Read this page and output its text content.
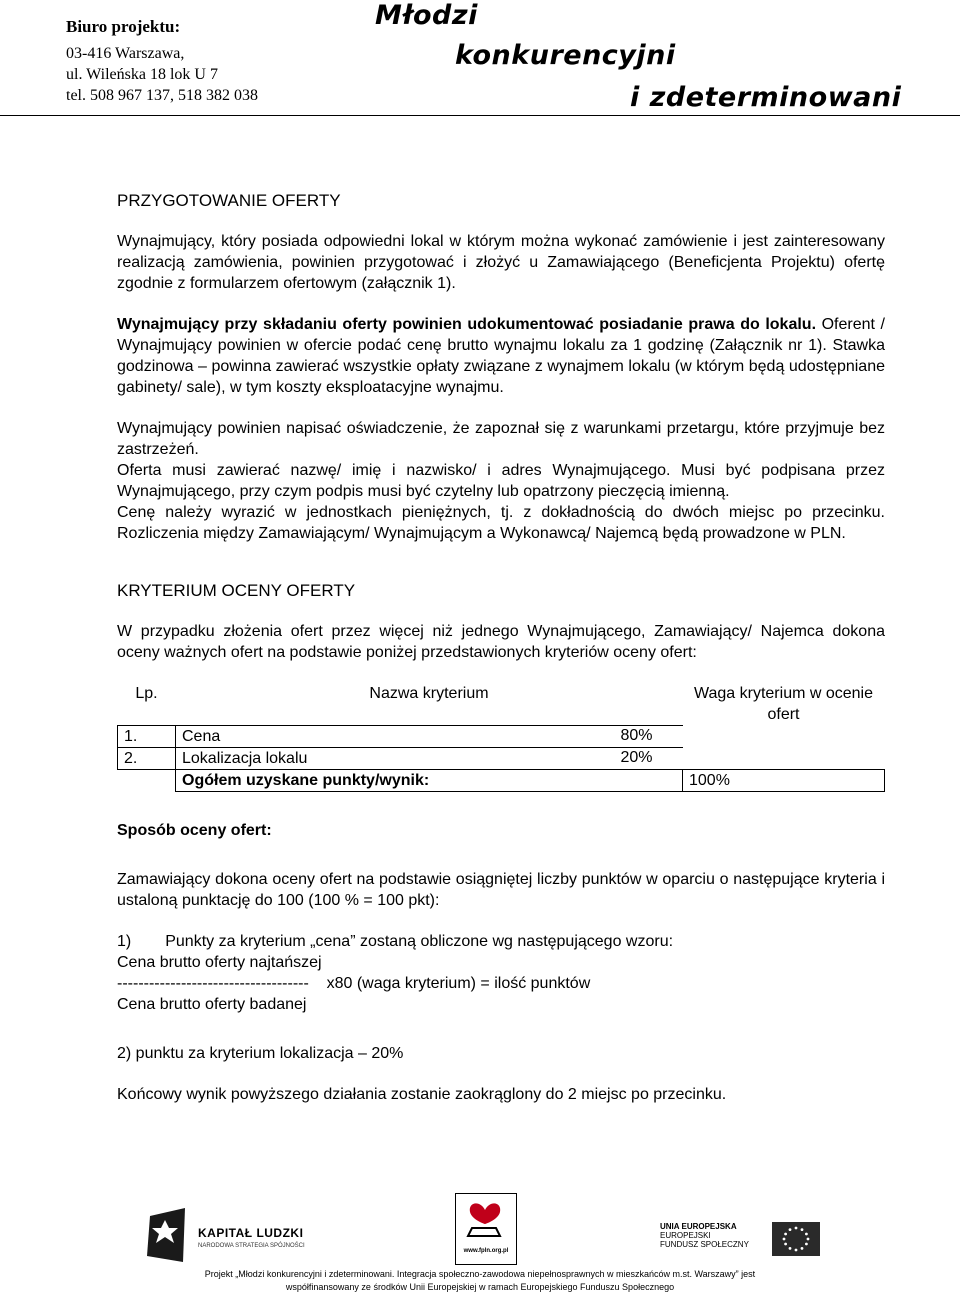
Biuro projektu:
03-416 Warszawa,
ul. Wileńska 18 lok U 7
tel. 508 967 137, 518 382 038
Młodzi
konkurencyjni
i zdeterminowani

PRZYGOTOWANIE OFERTY

Wynajmujący, który posiada odpowiedni lokal w którym można wykonać zamówienie i jest zainteresowany realizacją zamówienia, powinien przygotować i złożyć u Zamawiającego (Beneficjenta Projektu) ofertę zgodnie z formularzem ofertowym (załącznik 1).

Wynajmujący przy składaniu oferty powinien udokumentować posiadanie prawa do lokalu. Oferent / Wynajmujący powinien w ofercie podać cenę brutto wynajmu lokalu za 1 godzinę (Załącznik nr 1). Stawka godzinowa – powinna zawierać wszystkie opłaty związane z wynajmem lokalu (w którym będą udostępniane gabinety/ sale), w tym koszty eksploatacyjne wynajmu.

Wynajmujący powinien napisać oświadczenie, że zapoznał się z warunkami przetargu, które przyjmuje bez zastrzeżeń.

Oferta musi zawierać nazwę/ imię i nazwisko/ i adres Wynajmującego. Musi być podpisana przez Wynajmującego, przy czym podpis musi być czytelny lub opatrzony pieczęcią imienną.

Cenę należy wyrazić w jednostkach pieniężnych, tj. z dokładnością do dwóch miejsc po przecinku. Rozliczenia między Zamawiającym/ Wynajmującym a Wykonawcą/ Najemcą będą prowadzone w PLN.

KRYTERIUM OCENY OFERTY

W przypadku złożenia ofert przez więcej niż jednego Wynajmującego, Zamawiający/ Najemca dokona oceny ważnych ofert na podstawie poniżej przedstawionych kryteriów oceny ofert:

Lp.	Nazwa kryterium	Waga kryterium w ocenie ofert
1.	Cena	80%
2.	Lokalizacja lokalu	20%
	Ogółem uzyskane punkty/wynik:	100%

Sposób oceny ofert:

Zamawiający dokona oceny ofert na podstawie osiągniętej liczby punktów w oparciu o następujące kryteria i ustaloną punktację do 100 (100 % = 100 pkt):

1) Punkty za kryterium „cena” zostaną obliczone wg następującego wzoru:

Cena brutto oferty najtańszej

------------------------------------ x80 (waga kryterium) = ilość punktów

Cena brutto oferty badanej

2) punktu za kryterium lokalizacja – 20%

Końcowy wynik powyższego działania zostanie zaokrąglony do 2 miejsc po przecinku.

KAPITAŁ LUDZKI
NARODOWA STRATEGIA SPÓJNOŚCI
www.fpln.org.pl
UNIA EUROPEJSKA
EUROPEJSKI
FUNDUSZ SPOŁECZNY
Projekt „Młodzi konkurencyjni i zdeterminowani. Integracja społeczno-zawodowa niepełnosprawnych w mieszkańców m.st. Warszawy” jest
współfinansowany ze środków Unii Europejskiej w ramach Europejskiego Funduszu Społecznego
